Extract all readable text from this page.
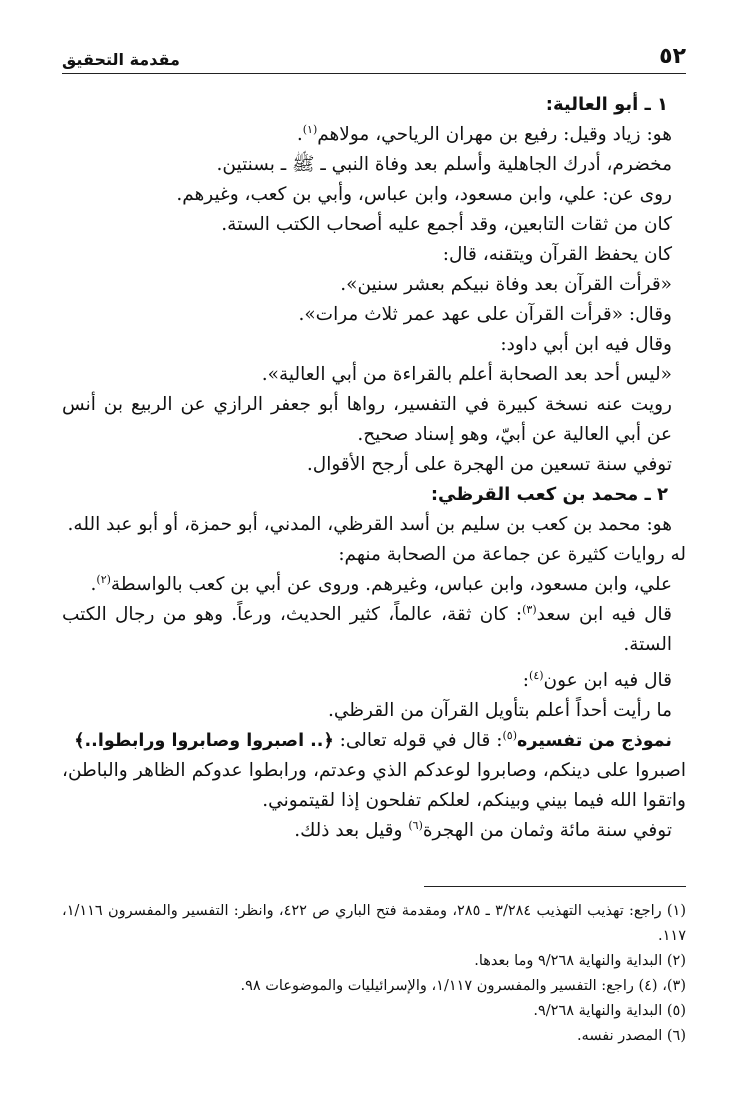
٥٢
مقدمة التحقيق

١ ـ أبو العالية:

هو: زياد وقيل: رفيع بن مهران الرياحي، مولاهم$^{(١)}$.

مخضرم، أدرك الجاهلية وأسلم بعد وفاة النبي ـ ﷺ ـ بسنتين.

روى عن: علي، وابن مسعود، وابن عباس، وأبي بن كعب، وغيرهم.

كان من ثقات التابعين، وقد أجمع عليه أصحاب الكتب الستة.

كان يحفظ القرآن ويتقنه، قال:

«قرأت القرآن بعد وفاة نبيكم بعشر سنين».

وقال: «قرأت القرآن على عهد عمر ثلاث مرات».

وقال فيه ابن أبي داود:

«ليس أحد بعد الصحابة أعلم بالقراءة من أبي العالية».

رويت عنه نسخة كبيرة في التفسير، رواها أبو جعفر الرازي عن الربيع بن أنس عن أبي العالية عن أبيّ، وهو إسناد صحيح.

توفي سنة تسعين من الهجرة على أرجح الأقوال.

٢ ـ محمد بن كعب القرظي:

هو: محمد بن كعب بن سليم بن أسد القرظي، المدني، أبو حمزة، أو أبو عبد الله.

له روايات كثيرة عن جماعة من الصحابة منهم:

علي، وابن مسعود، وابن عباس، وغيرهم. وروى عن أبي بن كعب بالواسطة$^{(٢)}$.

قال فيه ابن سعد$^{(٣)}$: كان ثقة، عالماً، كثير الحديث، ورعاً. وهو من رجال الكتب الستة.

قال فيه ابن عون$^{(٤)}$:

ما رأيت أحداً أعلم بتأويل القرآن من القرظي.

نموذج من تفسيره$^{(٥)}$: قال في قوله تعالى: ﴿.. اصبروا وصابروا ورابطوا..﴾

اصبروا على دينكم، وصابروا لوعدكم الذي وعدتم، ورابطوا عدوكم الظاهر والباطن، واتقوا الله فيما بيني وبينكم، لعلكم تفلحون إذا لقيتموني.

توفي سنة مائة وثمان من الهجرة$^{(٦)}$ وقيل بعد ذلك.

(١) راجع: تهذيب التهذيب ٣/٢٨٤ ـ ٢٨٥، ومقدمة فتح الباري ص ٤٢٢، وانظر: التفسير والمفسرون ١/١١٦، ١١٧.

(٢) البداية والنهاية ٩/٢٦٨ وما بعدها.

(٣)، (٤) راجع: التفسير والمفسرون ١/١١٧، والإسرائيليات والموضوعات ٩٨.

(٥) البداية والنهاية ٩/٢٦٨.

(٦) المصدر نفسه.
